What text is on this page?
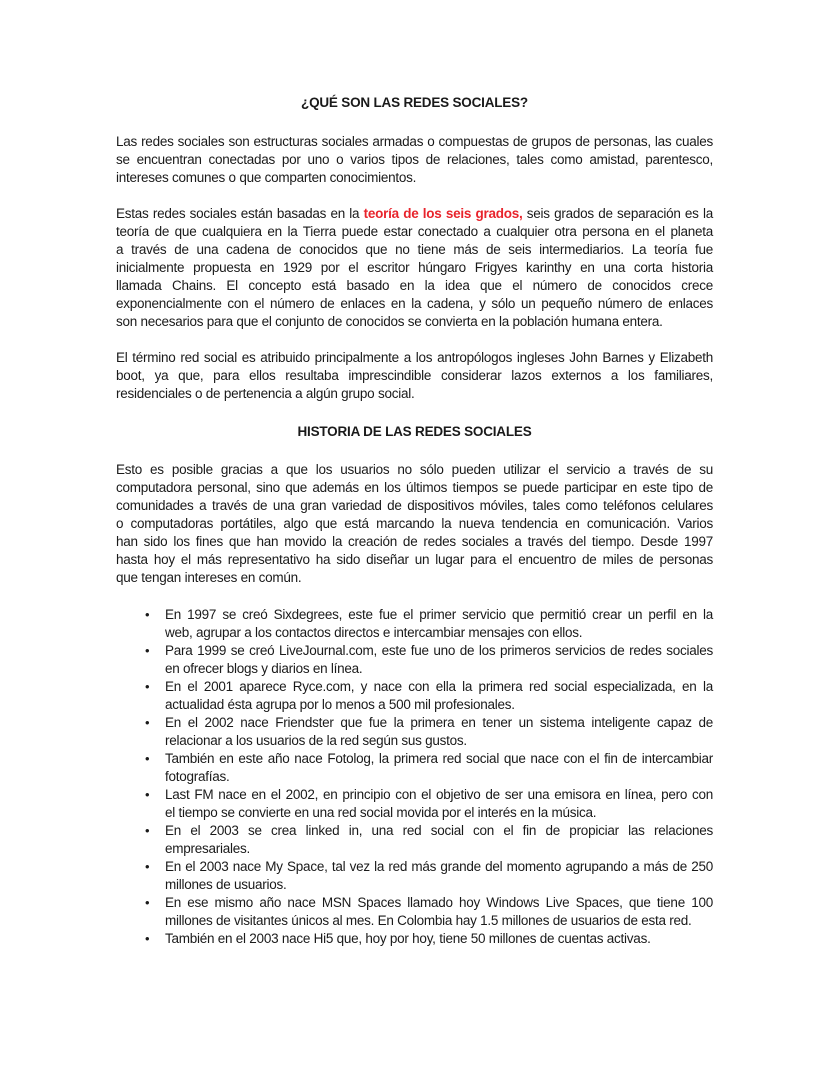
¿QUÉ SON LAS REDES SOCIALES?
Las redes sociales son estructuras sociales armadas o compuestas de grupos de personas, las cuales
se encuentran conectadas por uno o varios tipos de relaciones, tales como amistad, parentesco,
intereses comunes o que comparten conocimientos.
Estas redes sociales están basadas en la teoría de los seis grados, seis grados de separación es la
teoría de que cualquiera en la Tierra puede estar conectado a cualquier otra persona en el planeta
a través de una cadena de conocidos que no tiene más de seis intermediarios. La teoría fue
inicialmente propuesta en 1929 por el escritor húngaro Frigyes karinthy en una corta historia
llamada Chains. El concepto está basado en la idea que el número de conocidos crece
exponencialmente con el número de enlaces en la cadena, y sólo un pequeño número de enlaces
son necesarios para que el conjunto de conocidos se convierta en la población humana entera.
El término red social es atribuido principalmente a los antropólogos ingleses John Barnes y Elizabeth
boot, ya que, para ellos resultaba imprescindible considerar lazos externos a los familiares,
residenciales o de pertenencia a algún grupo social.
HISTORIA DE LAS REDES SOCIALES
Esto es posible gracias a que los usuarios no sólo pueden utilizar el servicio a través de su
computadora personal, sino que además en los últimos tiempos se puede participar en este tipo de
comunidades a través de una gran variedad de dispositivos móviles, tales como teléfonos celulares
o computadoras portátiles, algo que está marcando la nueva tendencia en comunicación. Varios
han sido los fines que han movido la creación de redes sociales a través del tiempo. Desde 1997
hasta hoy el más representativo ha sido diseñar un lugar para el encuentro de miles de personas
que tengan intereses en común.
• En 1997 se creó Sixdegrees, este fue el primer servicio que permitió crear un perfil en la
web, agrupar a los contactos directos e intercambiar mensajes con ellos.
• Para 1999 se creó LiveJournal.com, este fue uno de los primeros servicios de redes sociales
en ofrecer blogs y diarios en línea.
• En el 2001 aparece Ryce.com, y nace con ella la primera red social especializada, en la
actualidad ésta agrupa por lo menos a 500 mil profesionales.
• En el 2002 nace Friendster que fue la primera en tener un sistema inteligente capaz de
relacionar a los usuarios de la red según sus gustos.
• También en este año nace Fotolog, la primera red social que nace con el fin de intercambiar
fotografías.
• Last FM nace en el 2002, en principio con el objetivo de ser una emisora en línea, pero con
el tiempo se convierte en una red social movida por el interés en la música.
• En el 2003 se crea linked in, una red social con el fin de propiciar las relaciones
empresariales.
• En el 2003 nace My Space, tal vez la red más grande del momento agrupando a más de 250
millones de usuarios.
• En ese mismo año nace MSN Spaces llamado hoy Windows Live Spaces, que tiene 100
millones de visitantes únicos al mes. En Colombia hay 1.5 millones de usuarios de esta red.
• También en el 2003 nace Hi5 que, hoy por hoy, tiene 50 millones de cuentas activas.
